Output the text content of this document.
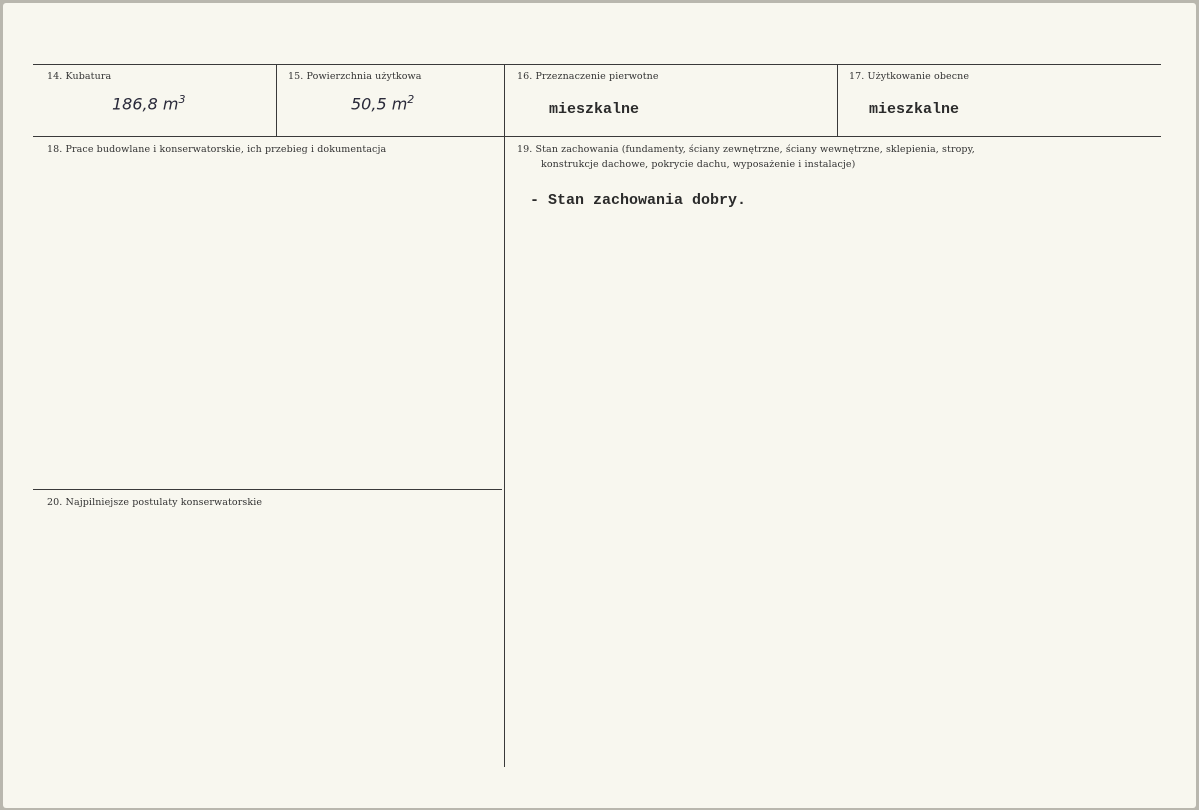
14. Kubatura
186,8 $m^3$
15. Powierzchnia użytkowa
50,5 $m^2$
16. Przeznaczenie pierwotne
mieszkalne
17. Użytkowanie obecne
mieszkalne
18. Prace budowlane i konserwatorskie, ich przebieg i dokumentacja	19. Stan zachowania (fundamenty, ściany zewnętrzne, ściany wewnętrzne, sklepienia, stropy,
konstrukcje dachowe, pokrycie dachu, wyposażenie i instalacje)
- Stan zachowania dobry.
20. Najpilniejsze postulaty konserwatorskie
